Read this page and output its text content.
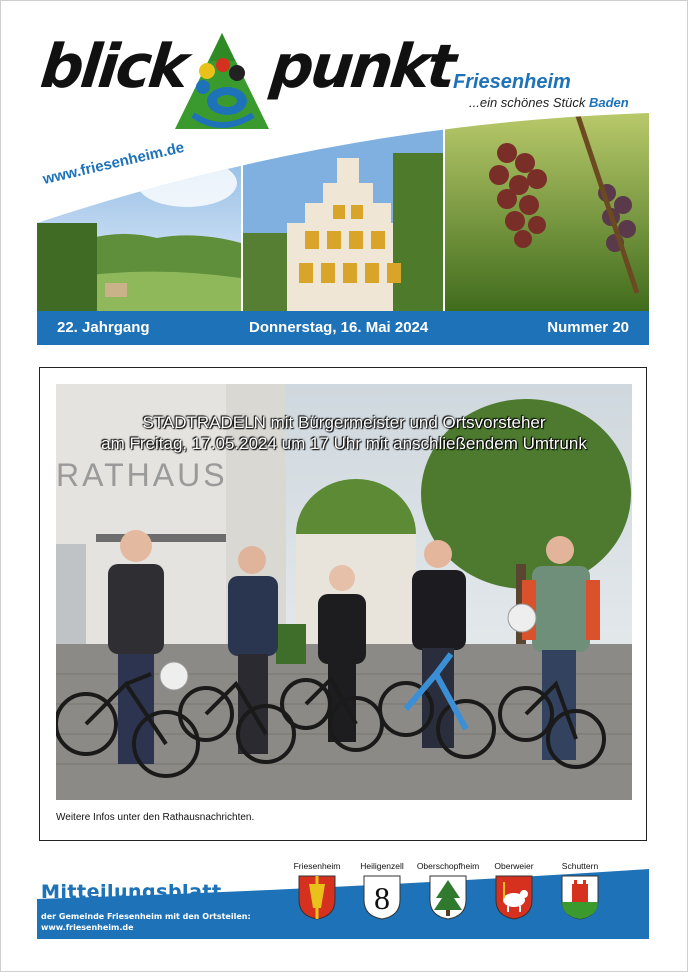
blick punkt
Friesenheim
...ein schönes Stück Baden
www.friesenheim.de
22. Jahrgang	Donnerstag, 16. Mai 2024	Nummer 20
RATHAUS
STADTRADELN mit Bürgermeister und Ortsvorsteher
am Freitag, 17.05.2024 um 17 Uhr mit anschließendem Umtrunk
Weitere Infos unter den Rathausnachrichten.
Mitteilungsblatt
der Gemeinde Friesenheim mit den Ortsteilen:
www.friesenheim.de
Friesenheim	Heiligenzell
8
Oberschopfheim	Oberweier	Schuttern
